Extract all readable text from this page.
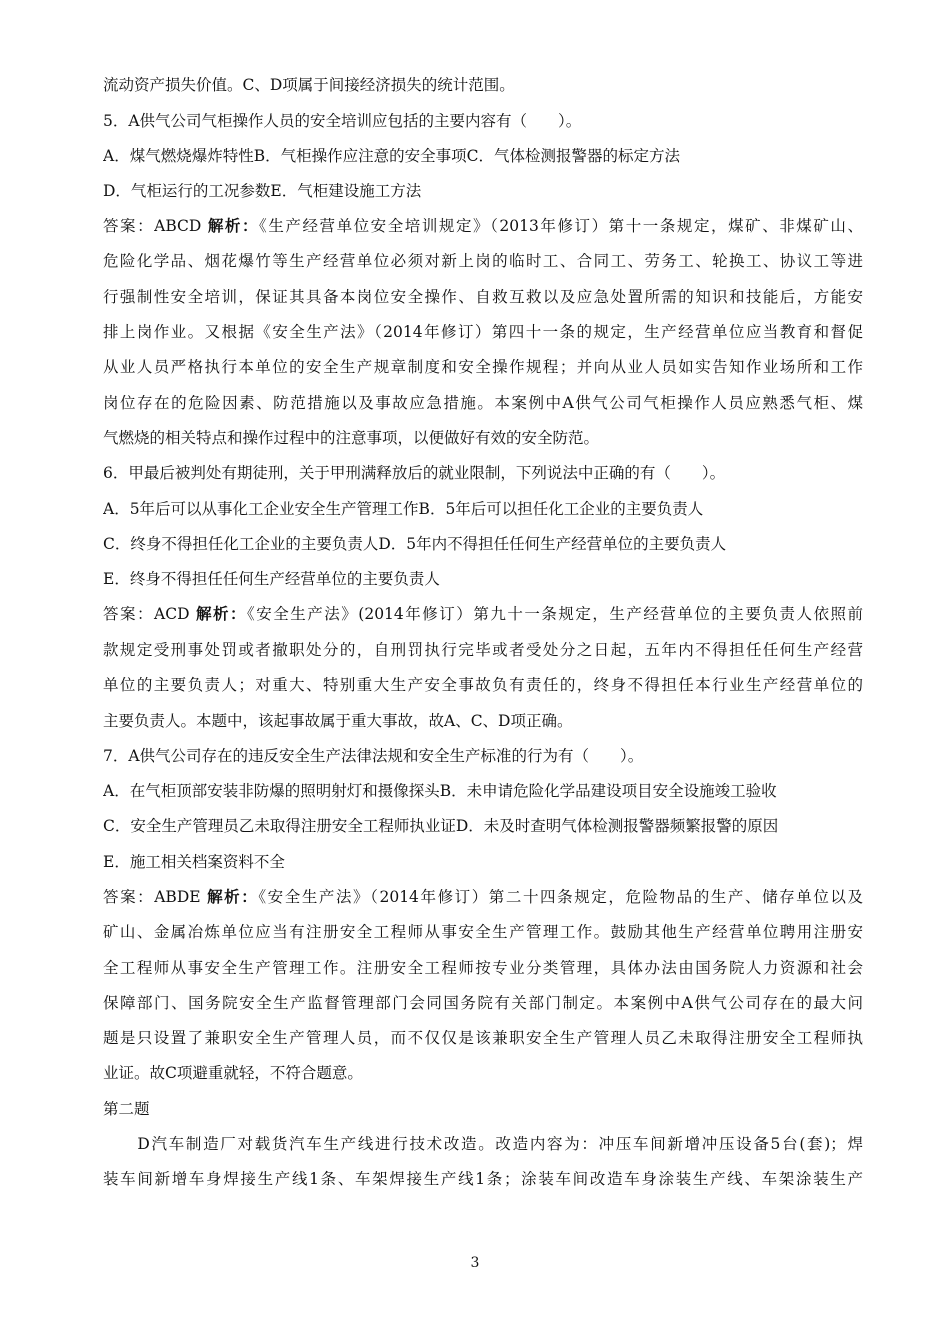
流动资产损失价值。C、D项属于间接经济损失的统计范围。
5．A供气公司气柜操作人员的安全培训应包括的主要内容有（　　）。
A．煤气燃烧爆炸特性B．气柜操作应注意的安全事项C．气体检测报警器的标定方法
D．气柜运行的工况参数E．气柜建设施工方法
答案：ABCD 解析：《生产经营单位安全培训规定》（2013年修订）第十一条规定，煤矿、非煤矿山、
危险化学品、烟花爆竹等生产经营单位必须对新上岗的临时工、合同工、劳务工、轮换工、协议工等进
行强制性安全培训，保证其具备本岗位安全操作、自救互救以及应急处置所需的知识和技能后，方能安
排上岗作业。又根据《安全生产法》（2014年修订）第四十一条的规定，生产经营单位应当教育和督促
从业人员严格执行本单位的安全生产规章制度和安全操作规程；并向从业人员如实告知作业场所和工作
岗位存在的危险因素、防范措施以及事故应急措施。本案例中A供气公司气柜操作人员应熟悉气柜、煤
气燃烧的相关特点和操作过程中的注意事项，以便做好有效的安全防范。
6．甲最后被判处有期徒刑，关于甲刑满释放后的就业限制，下列说法中正确的有（　　）。
A．5年后可以从事化工企业安全生产管理工作B．5年后可以担任化工企业的主要负责人
C．终身不得担任化工企业的主要负责人D．5年内不得担任任何生产经营单位的主要负责人
E．终身不得担任任何生产经营单位的主要负责人
答案：ACD 解析：《安全生产法》(2014年修订）第九十一条规定，生产经营单位的主要负责人依照前
款规定受刑事处罚或者撤职处分的，自刑罚执行完毕或者受处分之日起，五年内不得担任任何生产经营
单位的主要负责人；对重大、特别重大生产安全事故负有责任的，终身不得担任本行业生产经营单位的
主要负责人。本题中，该起事故属于重大事故，故A、C、D项正确。
7．A供气公司存在的违反安全生产法律法规和安全生产标准的行为有（　　）。
A．在气柜顶部安装非防爆的照明射灯和摄像探头B．未申请危险化学品建设项目安全设施竣工验收
C．安全生产管理员乙未取得注册安全工程师执业证D．未及时查明气体检测报警器频繁报警的原因
E．施工相关档案资料不全
答案：ABDE 解析：《安全生产法》（2014年修订）第二十四条规定，危险物品的生产、储存单位以及
矿山、金属冶炼单位应当有注册安全工程师从事安全生产管理工作。鼓励其他生产经营单位聘用注册安
全工程师从事安全生产管理工作。注册安全工程师按专业分类管理，具体办法由国务院人力资源和社会
保障部门、国务院安全生产监督管理部门会同国务院有关部门制定。本案例中A供气公司存在的最大问
题是只设置了兼职安全生产管理人员，而不仅仅是该兼职安全生产管理人员乙未取得注册安全工程师执
业证。故C项避重就轻，不符合题意。
第二题
　　D汽车制造厂对载货汽车生产线进行技术改造。改造内容为：冲压车间新增冲压设备5台(套)；焊
装车间新增车身焊接生产线1条、车架焊接生产线1条；涂装车间改造车身涂装生产线、车架涂装生产
3
